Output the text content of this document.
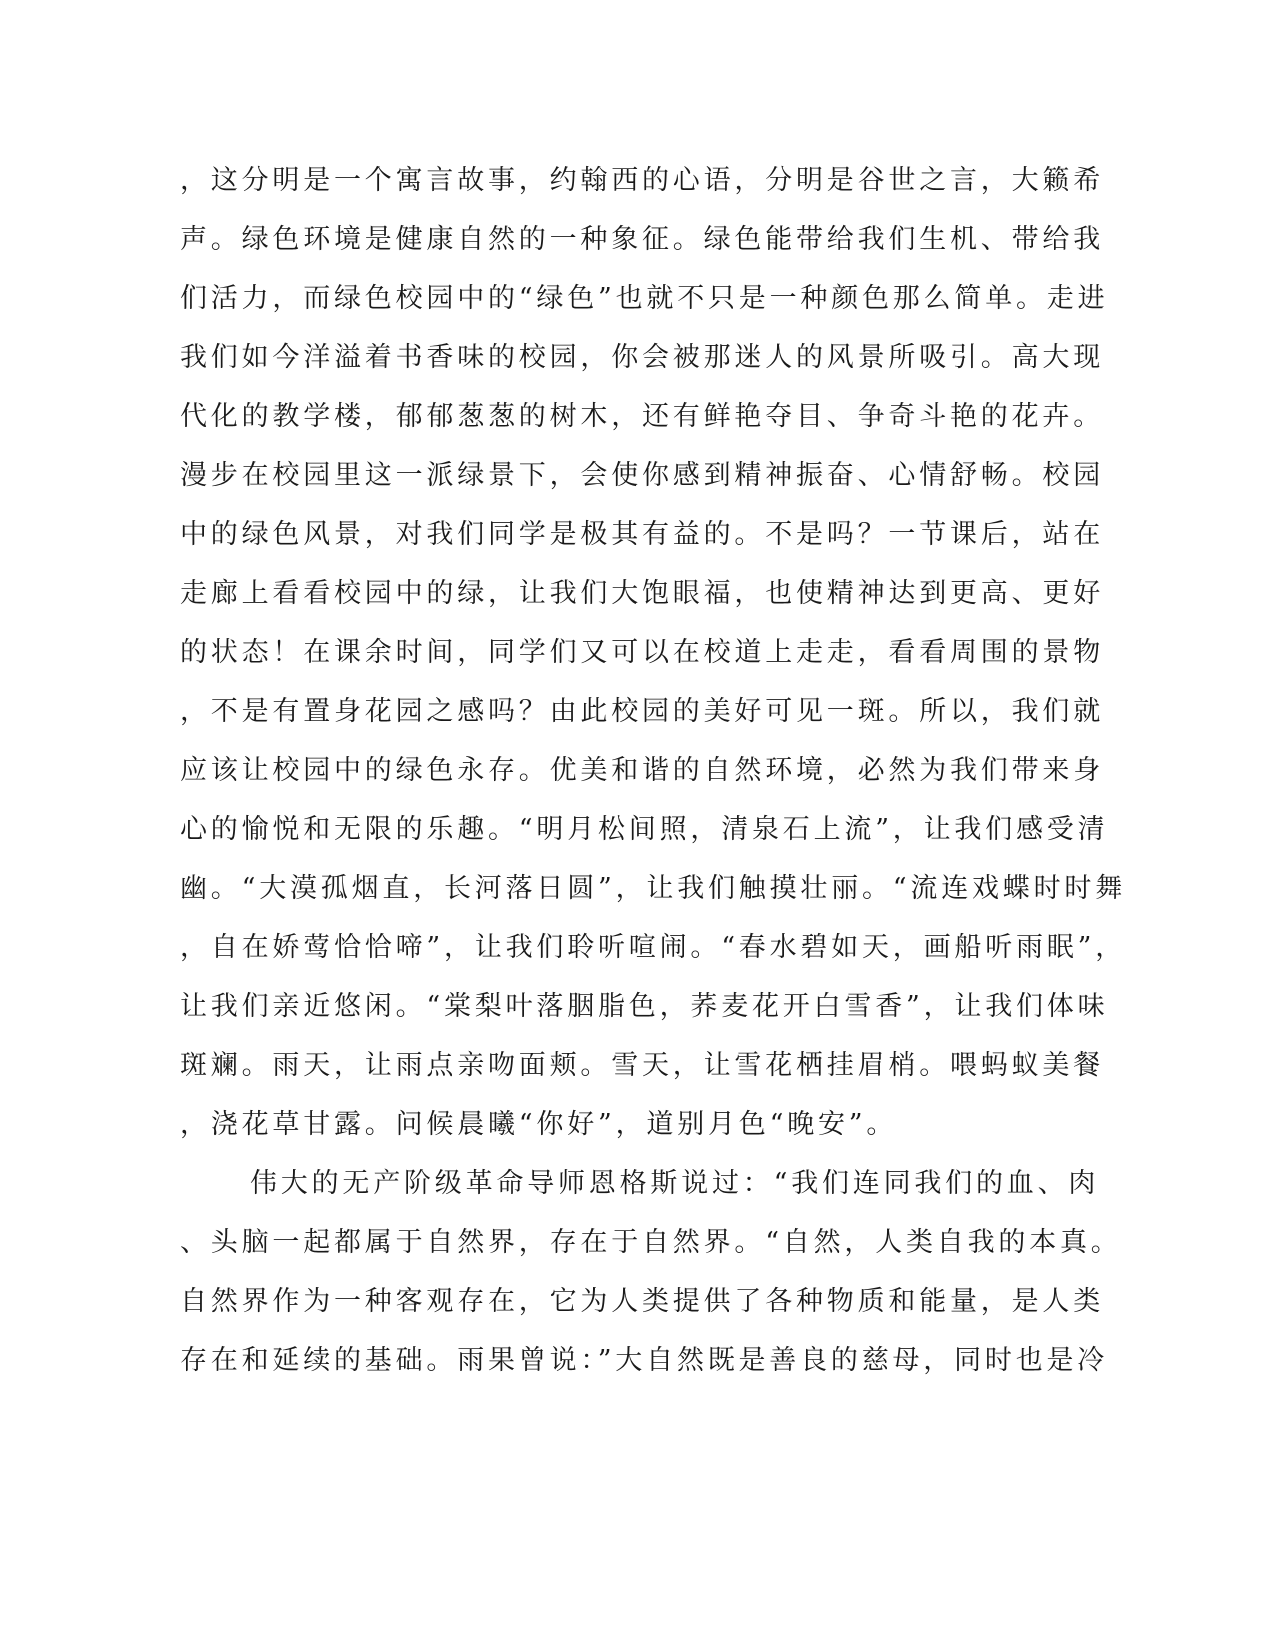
，这分明是一个寓言故事，约翰西的心语，分明是谷世之言，大籁希
声。绿色环境是健康自然的一种象征。绿色能带给我们生机、带给我
们活力，而绿色校园中的“绿色”也就不只是一种颜色那么简单。走进
我们如今洋溢着书香味的校园，你会被那迷人的风景所吸引。高大现
代化的教学楼，郁郁葱葱的树木，还有鲜艳夺目、争奇斗艳的花卉。
漫步在校园里这一派绿景下，会使你感到精神振奋、心情舒畅。校园
中的绿色风景，对我们同学是极其有益的。不是吗？一节课后，站在
走廊上看看校园中的绿，让我们大饱眼福，也使精神达到更高、更好
的状态！在课余时间，同学们又可以在校道上走走，看看周围的景物
，不是有置身花园之感吗？由此校园的美好可见一斑。所以，我们就
应该让校园中的绿色永存。优美和谐的自然环境，必然为我们带来身
心的愉悦和无限的乐趣。“明月松间照，清泉石上流”，让我们感受清
幽。“大漠孤烟直，长河落日圆”，让我们触摸壮丽。“流连戏蝶时时舞
，自在娇莺恰恰啼”，让我们聆听喧闹。“春水碧如天，画船听雨眠”，
让我们亲近悠闲。“棠梨叶落胭脂色，荞麦花开白雪香”，让我们体味
斑斓。雨天，让雨点亲吻面颊。雪天，让雪花栖挂眉梢。喂蚂蚁美餐
，浇花草甘露。问候晨曦“你好”，道别月色“晚安”。
伟大的无产阶级革命导师恩格斯说过：“我们连同我们的血、肉
、头脑一起都属于自然界，存在于自然界。“自然，人类自我的本真。
自然界作为一种客观存在，它为人类提供了各种物质和能量，是人类
存在和延续的基础。雨果曾说：”大自然既是善良的慈母，同时也是冷
